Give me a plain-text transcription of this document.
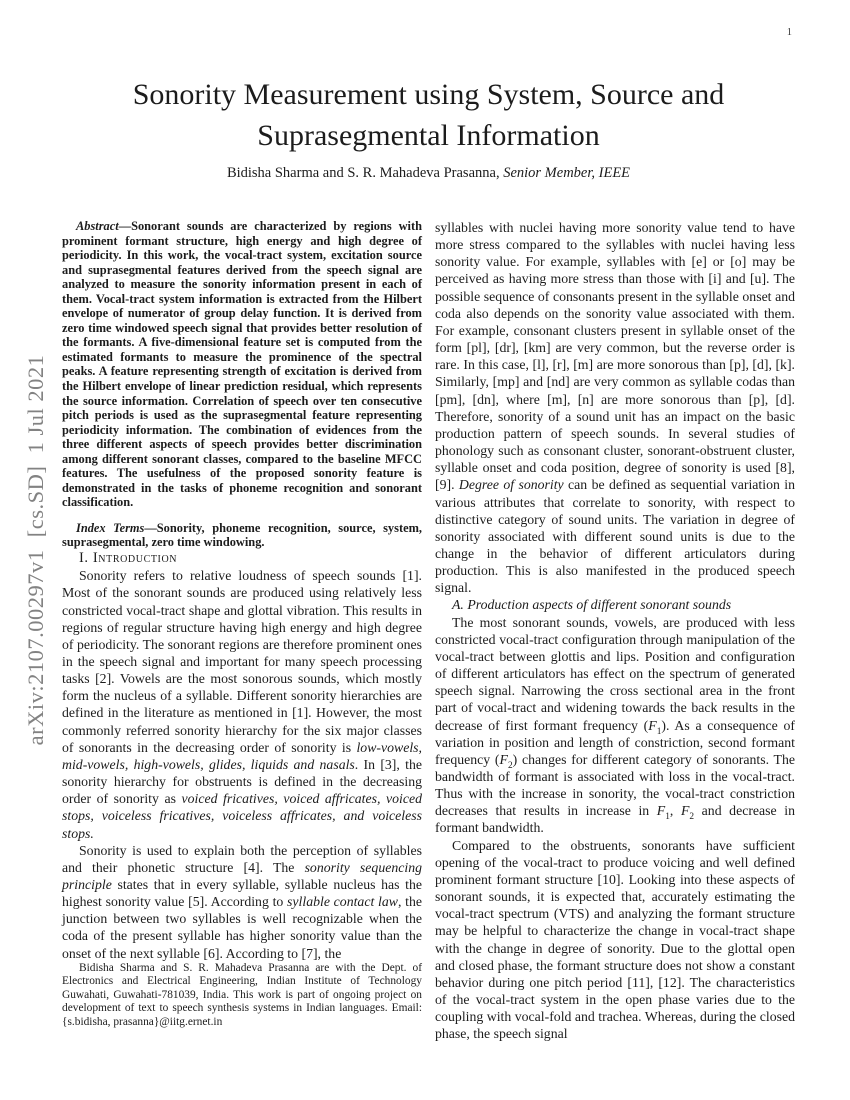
1
arXiv:2107.00297v1  [cs.SD]  1 Jul 2021
Sonority Measurement using System, Source and
Suprasegmental Information
Bidisha Sharma and S. R. Mahadeva Prasanna, Senior Member, IEEE

Abstract—Sonorant sounds are characterized by regions with prominent formant structure, high energy and high degree of periodicity. In this work, the vocal-tract system, excitation source and suprasegmental features derived from the speech signal are analyzed to measure the sonority information present in each of them. Vocal-tract system information is extracted from the Hilbert envelope of numerator of group delay function. It is derived from zero time windowed speech signal that provides better resolution of the formants. A five-dimensional feature set is computed from the estimated formants to measure the prominence of the spectral peaks. A feature representing strength of excitation is derived from the Hilbert envelope of linear prediction residual, which represents the source information. Correlation of speech over ten consecutive pitch periods is used as the suprasegmental feature representing periodicity information. The combination of evidences from the three different aspects of speech provides better discrimination among different sonorant classes, compared to the baseline MFCC features. The usefulness of the proposed sonority feature is demonstrated in the tasks of phoneme recognition and sonorant classification.

Index Terms—Sonority, phoneme recognition, source, system, suprasegmental, zero time windowing.

I. Introduction

Sonority refers to relative loudness of speech sounds [1]. Most of the sonorant sounds are produced using relatively less constricted vocal-tract shape and glottal vibration. This results in regions of regular structure having high energy and high degree of periodicity. The sonorant regions are therefore prominent ones in the speech signal and important for many speech processing tasks [2]. Vowels are the most sonorous sounds, which mostly form the nucleus of a syllable. Different sonority hierarchies are defined in the literature as mentioned in [1]. However, the most commonly referred sonority hierarchy for the six major classes of sonorants in the decreasing order of sonority is low-vowels, mid-vowels, high-vowels, glides, liquids and nasals. In [3], the sonority hierarchy for obstruents is defined in the decreasing order of sonority as voiced fricatives, voiced affricates, voiced stops, voiceless fricatives, voiceless affricates, and voiceless stops.

Sonority is used to explain both the perception of syllables and their phonetic structure [4]. The sonority sequencing principle states that in every syllable, syllable nucleus has the highest sonority value [5]. According to syllable contact law, the junction between two syllables is well recognizable when the coda of the present syllable has higher sonority value than the onset of the next syllable [6]. According to [7], the

Bidisha Sharma and S. R. Mahadeva Prasanna are with the Dept. of Electronics and Electrical Engineering, Indian Institute of Technology Guwahati, Guwahati-781039, India. This work is part of ongoing project on development of text to speech synthesis systems in Indian languages. Email: {s.bidisha, prasanna}@iitg.ernet.in

syllables with nuclei having more sonority value tend to have more stress compared to the syllables with nuclei having less sonority value. For example, syllables with [e] or [o] may be perceived as having more stress than those with [i] and [u]. The possible sequence of consonants present in the syllable onset and coda also depends on the sonority value associated with them. For example, consonant clusters present in syllable onset of the form [pl], [dr], [km] are very common, but the reverse order is rare. In this case, [l], [r], [m] are more sonorous than [p], [d], [k]. Similarly, [mp] and [nd] are very common as syllable codas than [pm], [dn], where [m], [n] are more sonorous than [p], [d]. Therefore, sonority of a sound unit has an impact on the basic production pattern of speech sounds. In several studies of phonology such as consonant cluster, sonorant-obstruent cluster, syllable onset and coda position, degree of sonority is used [8], [9]. Degree of sonority can be defined as sequential variation in various attributes that correlate to sonority, with respect to distinctive category of sound units. The variation in degree of sonority associated with different sound units is due to the change in the behavior of different articulators during production. This is also manifested in the produced speech signal.

A. Production aspects of different sonorant sounds

The most sonorant sounds, vowels, are produced with less constricted vocal-tract configuration through manipulation of the vocal-tract between glottis and lips. Position and configuration of different articulators has effect on the spectrum of generated speech signal. Narrowing the cross sectional area in the front part of vocal-tract and widening towards the back results in the decrease of first formant frequency $(F_1)$. As a consequence of variation in position and length of constriction, second formant frequency $(F_2)$ changes for different category of sonorants. The bandwidth of formant is associated with loss in the vocal-tract. Thus with the increase in sonority, the vocal-tract constriction decreases that results in increase in $F_1$, $F_2$ and decrease in formant bandwidth.

Compared to the obstruents, sonorants have sufficient opening of the vocal-tract to produce voicing and well defined prominent formant structure [10]. Looking into these aspects of sonorant sounds, it is expected that, accurately estimating the vocal-tract spectrum (VTS) and analyzing the formant structure may be helpful to characterize the change in vocal-tract shape with the change in degree of sonority. Due to the glottal open and closed phase, the formant structure does not show a constant behavior during one pitch period [11], [12]. The characteristics of the vocal-tract system in the open phase varies due to the coupling with vocal-fold and trachea. Whereas, during the closed phase, the speech signal
